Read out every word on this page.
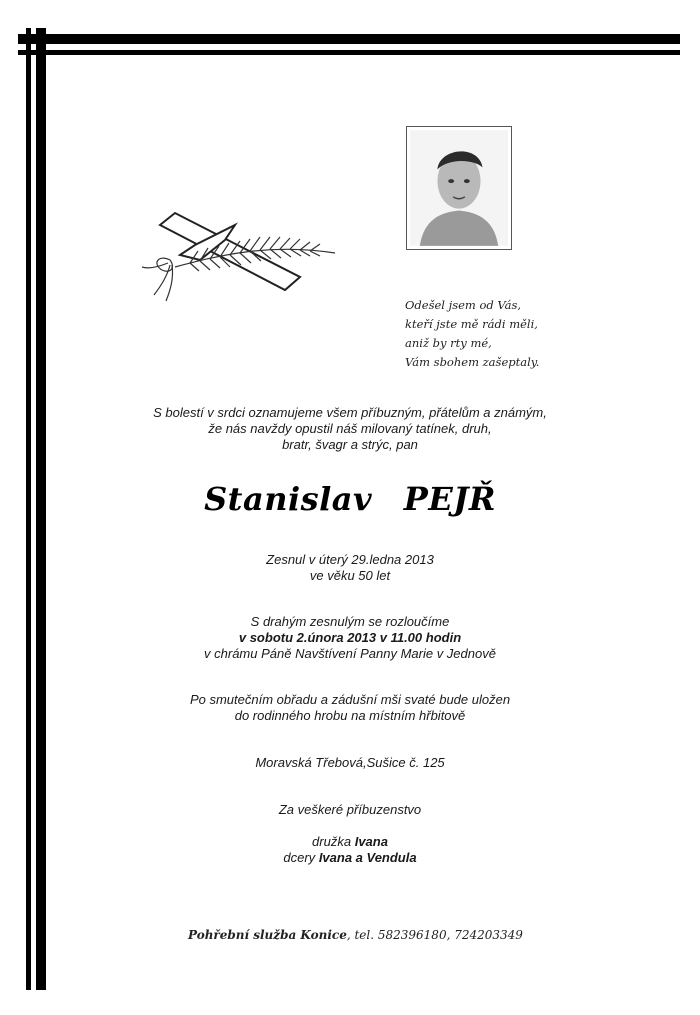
Odešel jsem od Vás,
kteří jste mě rádi měli,
aniž by rty mé,
Vám sbohem zašeptaly.
S bolestí v srdci oznamujeme všem příbuzným, přátelům a známým,
že nás navždy opustil náš milovaný tatínek, druh,
bratr, švagr a strýc, pan
Stanislav PEJŘ
Zesnul v úterý 29.ledna 2013
ve věku 50 let
S drahým zesnulým se rozloučíme
v sobotu 2.února 2013 v 11.00 hodin
v chrámu Páně Navštívení Panny Marie v Jednově
Po smutečním obřadu a zádušní mši svaté bude uložen
do rodinného hrobu na místním hřbitově
Moravská Třebová,Sušice č. 125
Za veškeré příbuzenstvo
družka Ivana
dcery Ivana a Vendula
Pohřební služba Konice, tel. 582396180, 724203349
